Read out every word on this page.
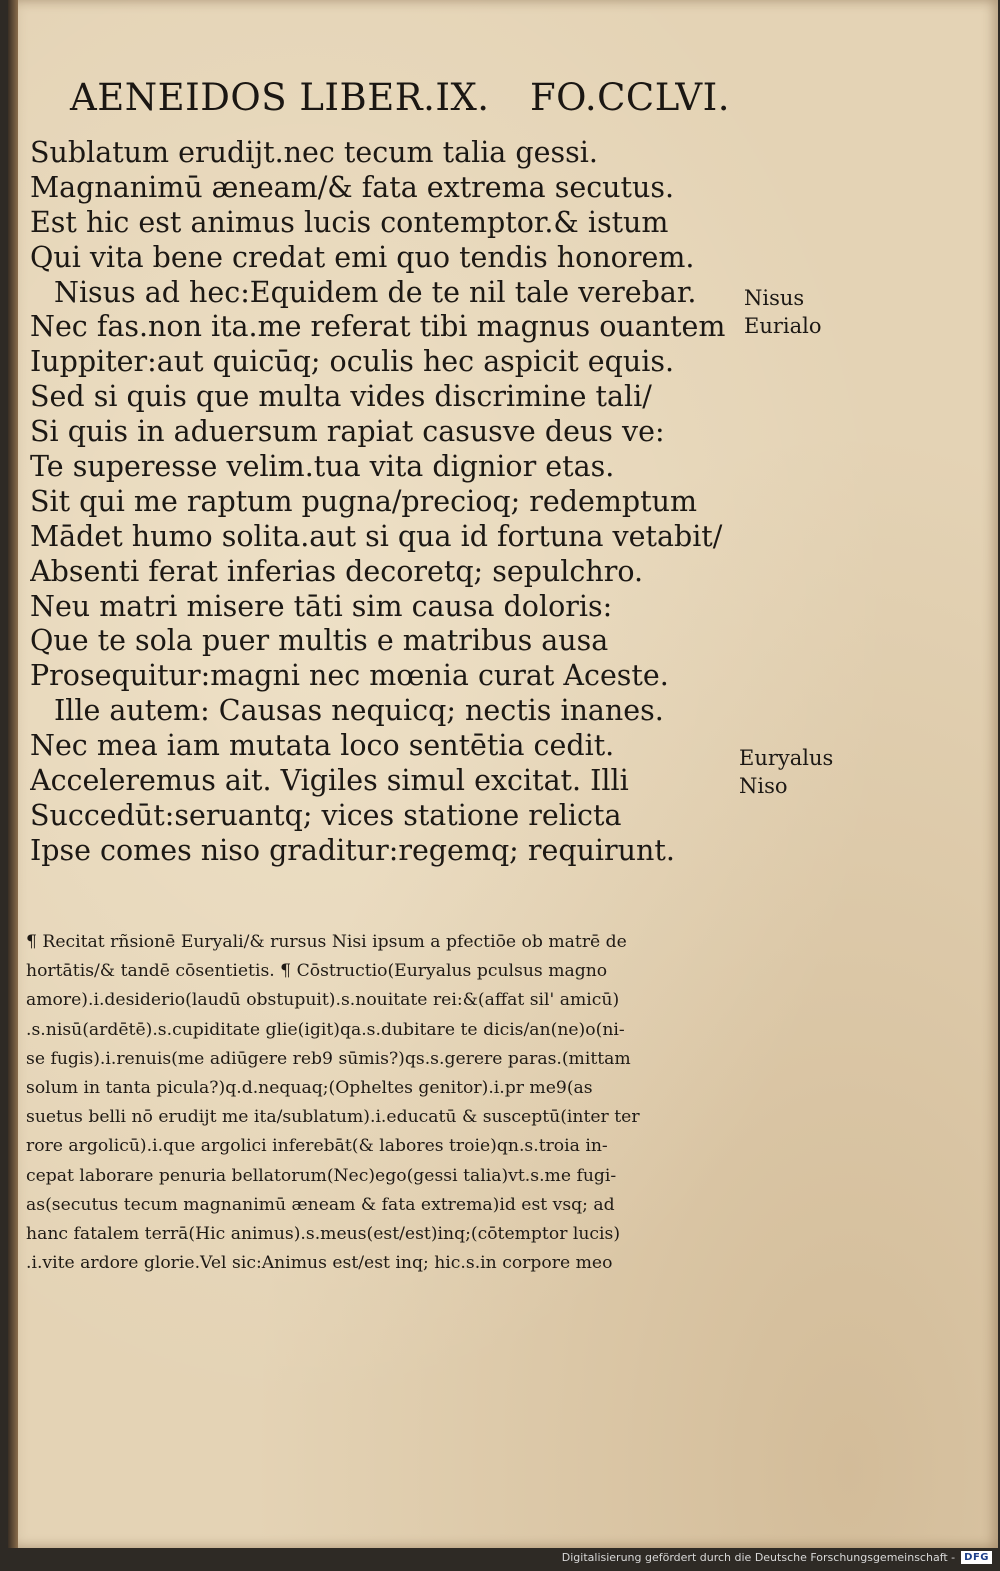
AENEIDOS LIBER.IX. FO.CCLVI.
Sublatum erudijt.nec tecum talia gessi.
Magnanimū æneam/& fata extrema secutus.
Est hic est animus lucis contemptor.& istum
Qui vita bene credat emi quo tendis honorem.
Nisus ad hec:Equidem de te nil tale verebar.
Nec fas.non ita.me referat tibi magnus ouantem
Iuppiter:aut quicūq; oculis hec aspicit equis.
Sed si quis que multa vides discrimine tali/
Si quis in aduersum rapiat casusve deus ve:
Te superesse velim.tua vita dignior etas.
Sit qui me raptum pugna/precioq; redemptum
Mādet humo solita.aut si qua id fortuna vetabit/
Absenti ferat inferias decoretq; sepulchro.
Neu matri misere tāti sim causa doloris:
Que te sola puer multis e matribus ausa
Prosequitur:magni nec mœnia curat Aceste.
Ille autem: Causas nequicq; nectis inanes.
Nec mea iam mutata loco sentētia cedit.
Acceleremus ait. Vigiles simul excitat. Illi
Succedūt:seruantq; vices statione relicta
Ipse comes niso graditur:regemq; requirunt.
Nisus
Eurialo
Euryalus
Niso
¶ Recitat rñsionē Euryali/& rursus Nisi ipsum a pfectiōe ob matrē de
hortātis/& tandē cōsentietis. ¶ Cōstructio(Euryalus pculsus magno
amore).i.desiderio(laudū obstupuit).s.nouitate rei:&(affat sil' amicū)
.s.nisū(ardētē).s.cupiditate glie(igit)qa.s.dubitare te dicis/an(ne)o(ni-
se fugis).i.renuis(me adiūgere reb9 sūmis?)qs.s.gerere paras.(mittam
solum in tanta picula?)q.d.nequaq;(Opheltes genitor).i.pr me9(as
suetus belli nō erudijt me ita/sublatum).i.educatū & susceptū(inter ter
rore argolicū).i.que argolici inferebāt(& labores troie)qn.s.troia in-
cepat laborare penuria bellatorum(Nec)ego(gessi talia)vt.s.me fugi-
as(secutus tecum magnanimū æneam & fata extrema)id est vsq; ad
hanc fatalem terrā(Hic animus).s.meus(est/est)inq;(cōtemptor lucis)
.i.vite ardore glorie.Vel sic:Animus est/est inq; hic.s.in corpore meo
Digitalisierung gefördert durch die Deutsche Forschungsgemeinschaft - DFG
